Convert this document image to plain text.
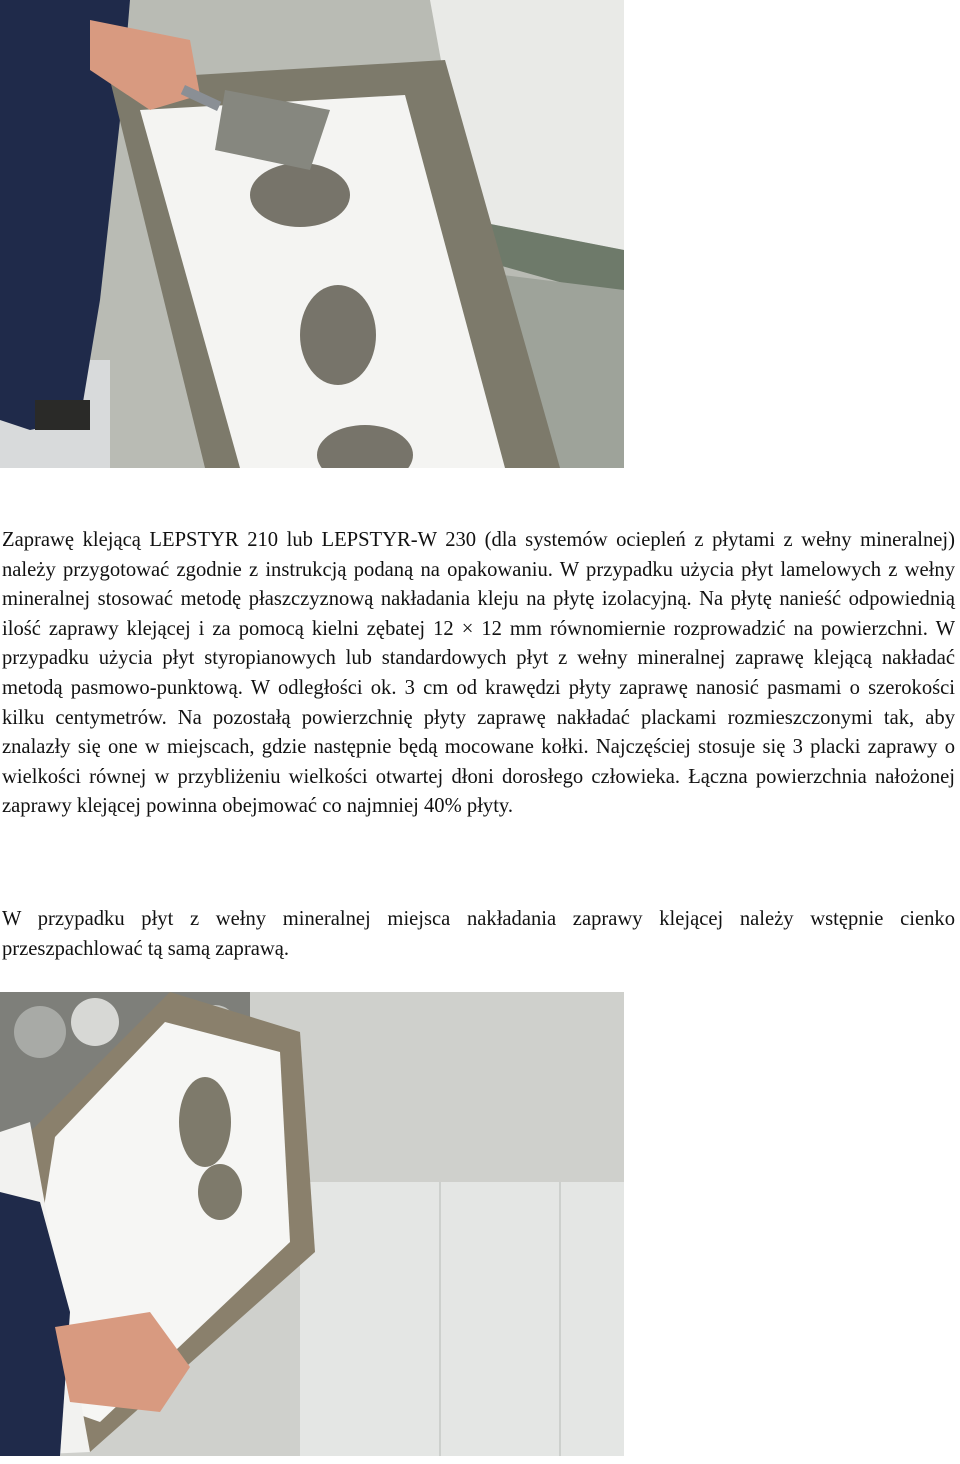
Zaprawę klejącą LEPSTYR 210 lub LEPSTYR-W 230 (dla systemów ociepleń z płytami z wełny mineralnej) należy przygotować zgodnie z instrukcją podaną na opakowaniu. W przypadku użycia płyt lamelowych z wełny mineralnej stosować metodę płaszczyznową nakładania kleju na płytę izolacyjną. Na płytę nanieść odpowiednią ilość zaprawy klejącej i za pomocą kielni zębatej 12 × 12 mm równomiernie rozprowadzić na powierzchni. W przypadku użycia płyt styropianowych lub standardowych płyt z wełny mineralnej zaprawę klejącą nakładać metodą pasmowo-punktową. W odległości ok. 3 cm od krawędzi płyty zaprawę nanosić pasmami o szerokości kilku centymetrów. Na pozostałą powierzchnię płyty zaprawę nakładać plackami rozmieszczonymi tak, aby znalazły się one w miejscach, gdzie następnie będą mocowane kołki. Najczęściej stosuje się 3 placki zaprawy o wielkości równej w przybliżeniu wielkości otwartej dłoni dorosłego człowieka. Łączna powierzchnia nałożonej zaprawy klejącej powinna obejmować co najmniej 40% płyty.

W przypadku płyt z wełny mineralnej miejsca nakładania zaprawy klejącej należy wstępnie cienko przeszpachlować tą samą zaprawą.
